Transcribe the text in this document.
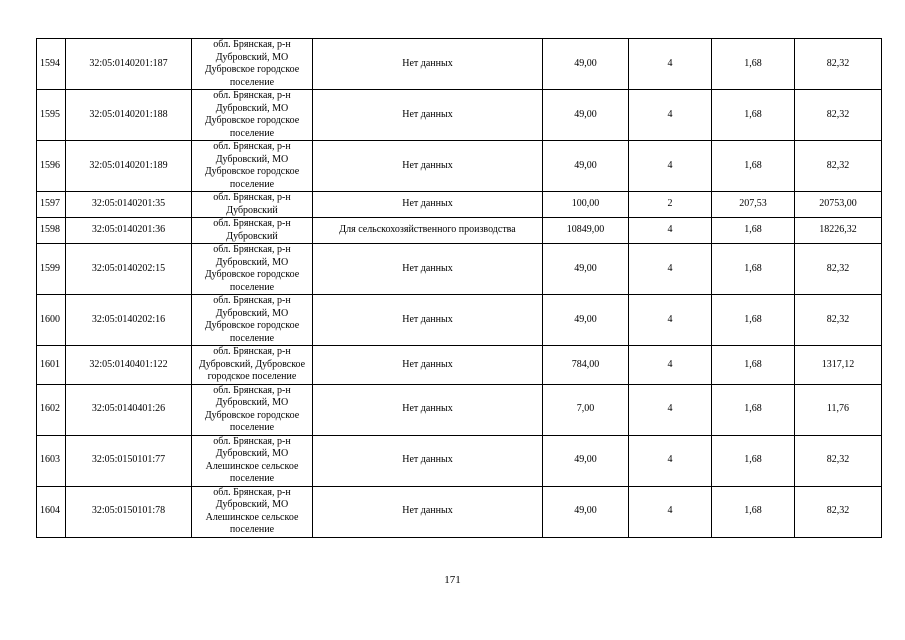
1594	32:05:0140201:187	обл. Брянская, р-н Дубровский, МО Дубровское городское поселение	Нет данных	49,00	4	1,68	82,32
1595	32:05:0140201:188	обл. Брянская, р-н Дубровский, МО Дубровское городское поселение	Нет данных	49,00	4	1,68	82,32
1596	32:05:0140201:189	обл. Брянская, р-н Дубровский, МО Дубровское городское поселение	Нет данных	49,00	4	1,68	82,32
1597	32:05:0140201:35	обл. Брянская, р-н Дубровский	Нет данных	100,00	2	207,53	20753,00
1598	32:05:0140201:36	обл. Брянская, р-н Дубровский	Для сельскохозяйственного производства	10849,00	4	1,68	18226,32
1599	32:05:0140202:15	обл. Брянская, р-н Дубровский, МО Дубровское городское поселение	Нет данных	49,00	4	1,68	82,32
1600	32:05:0140202:16	обл. Брянская, р-н Дубровский, МО Дубровское городское поселение	Нет данных	49,00	4	1,68	82,32
1601	32:05:0140401:122	обл. Брянская, р-н Дубровский, Дубровское городское поселение	Нет данных	784,00	4	1,68	1317,12
1602	32:05:0140401:26	обл. Брянская, р-н Дубровский, МО Дубровское городское поселение	Нет данных	7,00	4	1,68	11,76
1603	32:05:0150101:77	обл. Брянская, р-н Дубровский, МО Алешинское сельское поселение	Нет данных	49,00	4	1,68	82,32
1604	32:05:0150101:78	обл. Брянская, р-н Дубровский, МО Алешинское сельское поселение	Нет данных	49,00	4	1,68	82,32
171
